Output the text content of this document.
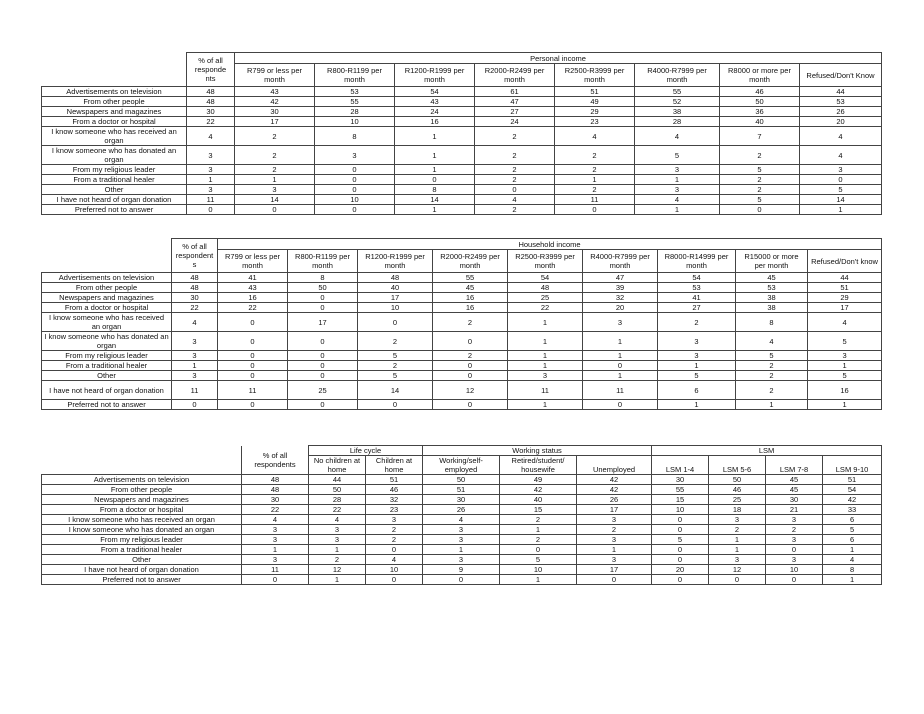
	% of all responde nts	Personal income							
		R799 or less per month	R800-R1199 per month	R1200-R1999 per month	R2000-R2499 per month	R2500-R3999 per month	R4000-R7999 per month	R8000 or more per month	Refused/Don't Know
Advertisements on television	48	43	53	54	61	51	55	46	44
From other people	48	42	55	43	47	49	52	50	53
Newspapers and magazines	30	30	28	24	27	29	38	36	26
From a doctor or hospital	22	17	10	16	24	23	28	40	20
I know someone who has received an organ	4	2	8	1	2	4	4	7	4
I know someone who has donated an organ	3	2	3	1	2	2	5	2	4
From my religious leader	3	2	0	1	2	2	3	5	3
From a traditional healer	1	1	0	0	2	1	1	2	0
Other	3	3	0	8	0	2	3	2	5
I have not heard of organ donation	11	14	10	14	4	11	4	5	14
Preferred not to answer	0	0	0	1	2	0	1	0	1
	% of all respondent s	Household income								
		R799 or less per month	R800-R1199 per month	R1200-R1999 per month	R2000-R2499 per month	R2500-R3999 per month	R4000-R7999 per month	R8000-R14999 per month	R15000 or more per month	Refused/Don't know
Advertisements on television	48	41	8	48	55	54	47	54	45	44
From other people	48	43	50	40	45	48	39	53	53	51
Newspapers and magazines	30	16	0	17	16	25	32	41	38	29
From a doctor or hospital	22	22	0	10	16	22	20	27	38	17
I know someone who has received an organ	4	0	17	0	2	1	3	2	8	4
I know someone who has donated an organ	3	0	0	2	0	1	1	3	4	5
From my religious leader	3	0	0	5	2	1	1	3	5	3
From a traditional healer	1	0	0	2	0	1	0	1	2	1
Other	3	0	0	5	0	3	1	5	2	5
I have not heard of organ donation	11	11	25	14	12	11	11	6	2	16
Preferred not to answer	0	0	0	0	0	1	0	1	1	1
	% of all respondents	Life cycle		Working status			LSM			
		No children at home	Children at home	Working/self-employed	Retired/student/ housewife	Unemployed	LSM 1-4	LSM 5-6	LSM 7-8	LSM 9-10
Advertisements on television	48	44	51	50	49	42	30	50	45	51
From other people	48	50	46	51	42	42	55	46	45	54
Newspapers and magazines	30	28	32	30	40	26	15	25	30	42
From a doctor or hospital	22	22	23	26	15	17	10	18	21	33
I know someone who has received an organ	4	4	3	4	2	3	0	3	3	6
I know someone who has donated an organ	3	3	2	3	1	2	0	2	2	5
From my religious leader	3	3	2	3	2	3	5	1	3	6
From a traditional healer	1	1	0	1	0	1	0	1	0	1
Other	3	2	4	3	5	3	0	3	3	4
I have not heard of organ donation	11	12	10	9	10	17	20	12	10	8
Preferred not to answer	0	1	0	0	1	0	0	0	0	1
